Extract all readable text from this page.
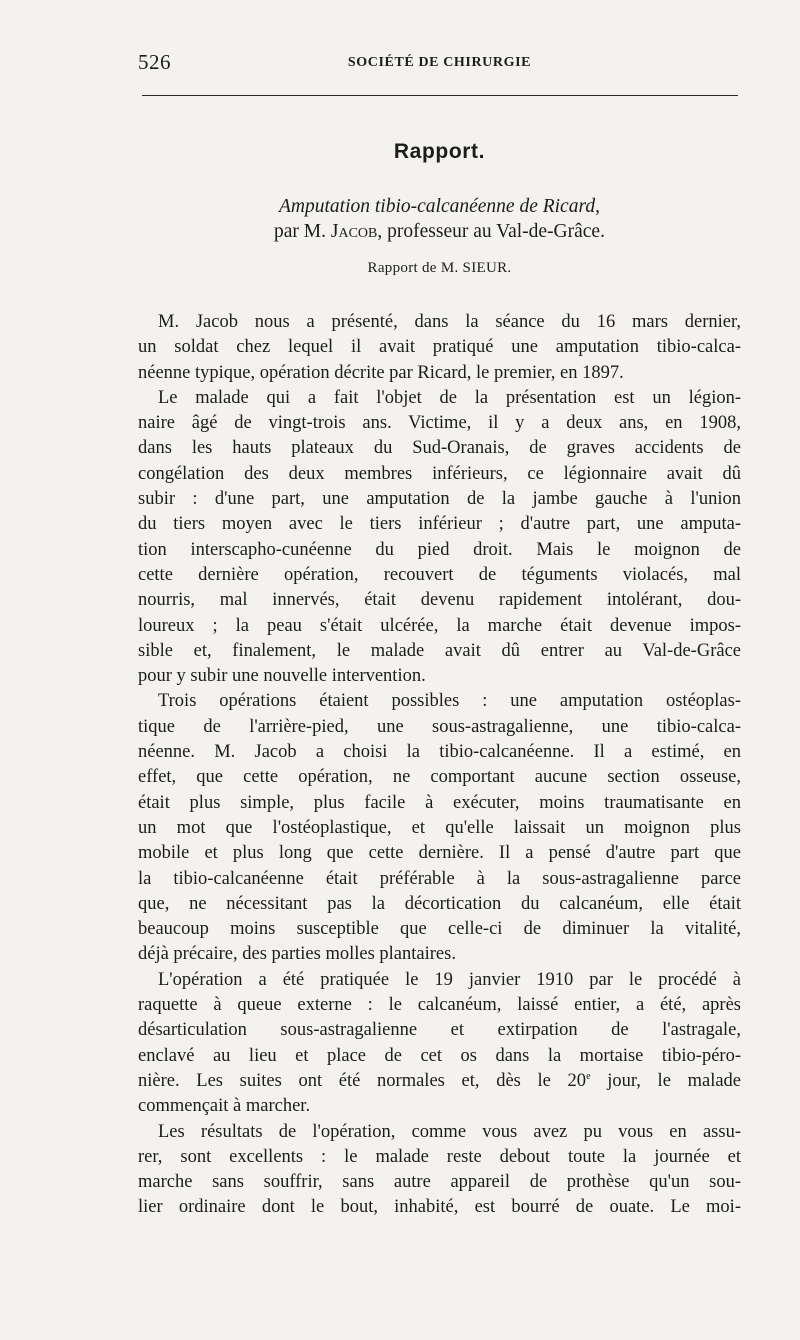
526	SOCIÉTÉ DE CHIRURGIE
Rapport.
Amputation tibio-calcanéenne de Ricard,
par M. Jacob, professeur au Val-de-Grâce.
Rapport de M. SIEUR.
M. Jacob nous a présenté, dans la séance du 16 mars dernier,
un soldat chez lequel il avait pratiqué une amputation tibio-calca-
néenne typique, opération décrite par Ricard, le premier, en 1897.
Le malade qui a fait l'objet de la présentation est un légion-
naire âgé de vingt-trois ans. Victime, il y a deux ans, en 1908,
dans les hauts plateaux du Sud-Oranais, de graves accidents de
congélation des deux membres inférieurs, ce légionnaire avait dû
subir : d'une part, une amputation de la jambe gauche à l'union
du tiers moyen avec le tiers inférieur ; d'autre part, une amputa-
tion interscapho-cunéenne du pied droit. Mais le moignon de
cette dernière opération, recouvert de téguments violacés, mal
nourris, mal innervés, était devenu rapidement intolérant, dou-
loureux ; la peau s'était ulcérée, la marche était devenue impos-
sible et, finalement, le malade avait dû entrer au Val-de-Grâce
pour y subir une nouvelle intervention.
Trois opérations étaient possibles : une amputation ostéoplas-
tique de l'arrière-pied, une sous-astragalienne, une tibio-calca-
néenne. M. Jacob a choisi la tibio-calcanéenne. Il a estimé, en
effet, que cette opération, ne comportant aucune section osseuse,
était plus simple, plus facile à exécuter, moins traumatisante en
un mot que l'ostéoplastique, et qu'elle laissait un moignon plus
mobile et plus long que cette dernière. Il a pensé d'autre part que
la tibio-calcanéenne était préférable à la sous-astragalienne parce
que, ne nécessitant pas la décortication du calcanéum, elle était
beaucoup moins susceptible que celle-ci de diminuer la vitalité,
déjà précaire, des parties molles plantaires.
L'opération a été pratiquée le 19 janvier 1910 par le procédé à
raquette à queue externe : le calcanéum, laissé entier, a été, après
désarticulation sous-astragalienne et extirpation de l'astragale,
enclavé au lieu et place de cet os dans la mortaise tibio-péro-
nière. Les suites ont été normales et, dès le 20e jour, le malade
commençait à marcher.
Les résultats de l'opération, comme vous avez pu vous en assu-
rer, sont excellents : le malade reste debout toute la journée et
marche sans souffrir, sans autre appareil de prothèse qu'un sou-
lier ordinaire dont le bout, inhabité, est bourré de ouate. Le moi-
